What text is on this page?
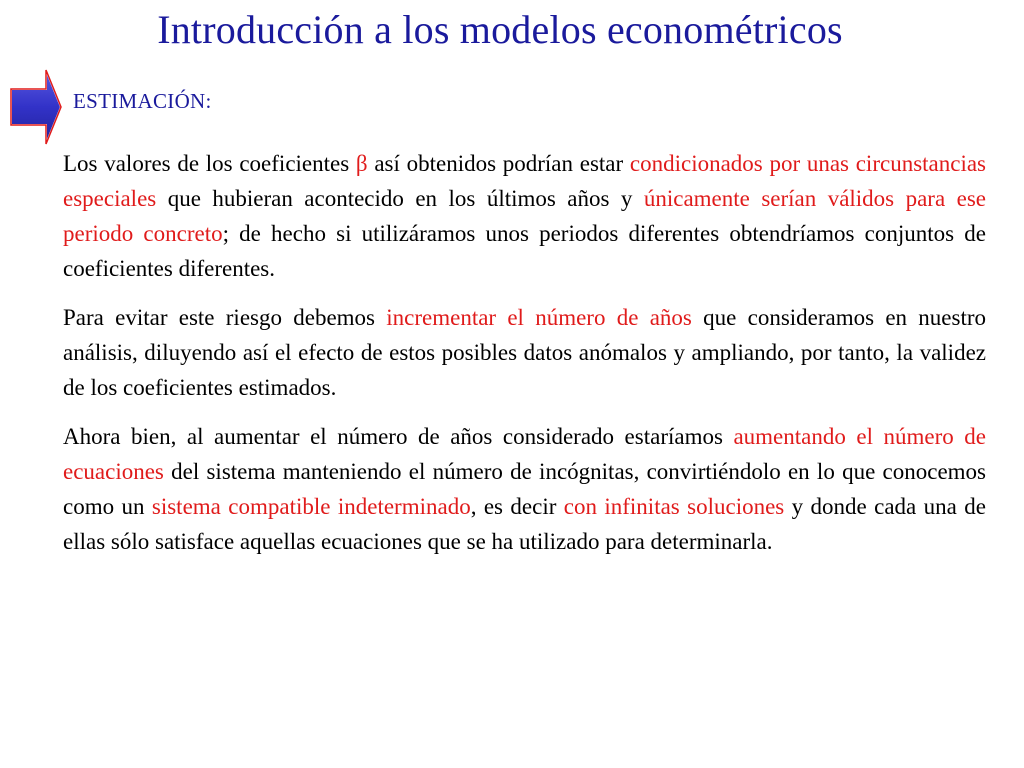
Introducción a los modelos econométricos
ESTIMACIÓN:

Los valores de los coeficientes β así obtenidos podrían estar condicionados por unas circunstancias especiales que hubieran acontecido en los últimos años y únicamente serían válidos para ese periodo concreto; de hecho si utilizáramos unos periodos diferentes obtendríamos conjuntos de coeficientes diferentes.

Para evitar este riesgo debemos incrementar el número de años que consideramos en nuestro análisis, diluyendo así el efecto de estos posibles datos anómalos y ampliando, por tanto, la validez de los coeficientes estimados.

Ahora bien, al aumentar el número de años considerado estaríamos aumentando el número de ecuaciones del sistema manteniendo el número de incógnitas, convirtiéndolo en lo que conocemos como un sistema compatible indeterminado, es decir con infinitas soluciones y donde cada una de ellas sólo satisface aquellas ecuaciones que se ha utilizado para determinarla.
